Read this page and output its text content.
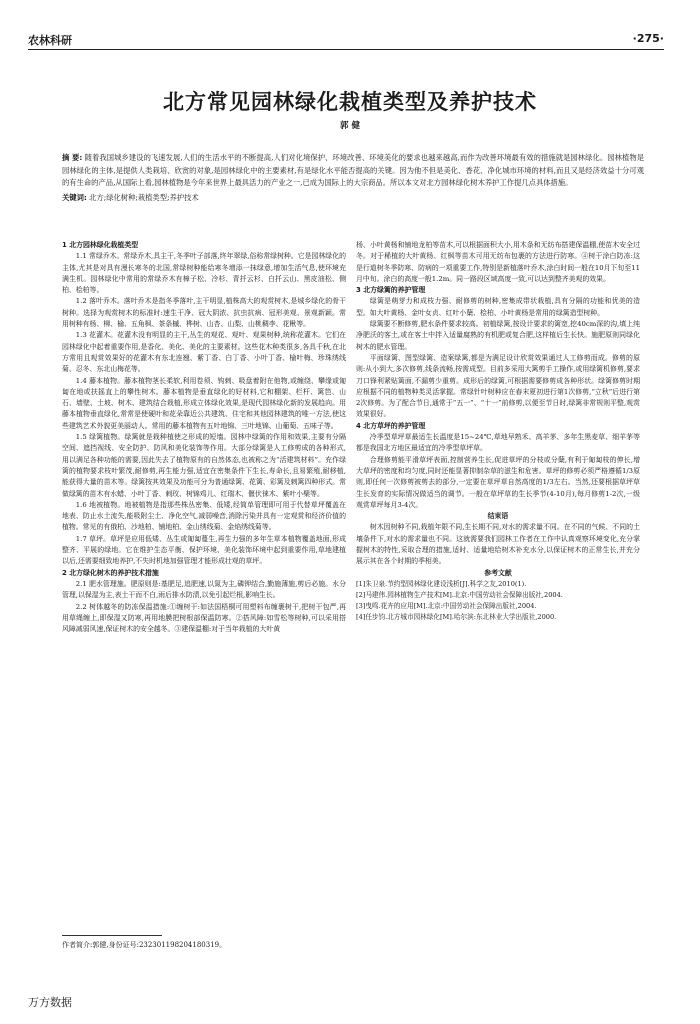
农林科研	·275·
北方常见园林绿化栽植类型及养护技术
郭 健
摘 要: 随着我国城乡建设的飞速发展,人们的生活水平的不断提高,人们对化境保护、环境改善、环境美化的要求也越来越高,而作为改善环境最有效的措施就是园林绿化。园林植物是园林绿化的主体,是提供人类栽培、欣赏的对象,是园林绿化中的主要素材,有是绿化水平能否提高的关键。因为他不但是美化、香花、净化城市环境的材料,而且又是经济效益十分可观的有生命的产品,从国际上看,园林植物是今年来世界上最具活力的产业之一,已成为国际上的大宗商品。所以本文对北方园林绿化树木养护工作提几点具体措施。
关键词: 北方;绿化树种;栽植类型;养护技术
1 北方园林绿化栽植类型

1.1 常绿乔木。常绿乔木,具主干,冬季叶子部落,终年翠绿,俗称常绿树种。它是园林绿化的主体,尤其是对具有漫长寒冬的北国,常绿树种能给寒冬增添一抹绿意,增加生活气息,使环境充满生机。园林绿化中常用的常绿乔木有樟子松、冷杉、青扦云杉、白扦云山、黑皮油松、侧柏、桧柏等。

1.2 落叶乔木。落叶乔木是指冬季落叶,主干明显,植株高大的观赏树木,是城乡绿化的骨干树种。选择为观赏树木的标准时:速生干净、冠大阴浓、抗虫抗病、冠形美观、景观新颖。常用树种有杨、柳、榆、五角枫、茶条槭、桦树、山杏、山梨、山桃稠李、花楸等。

1.3 花灌木。花灌木没有明显的主干,丛生的观花、观叶、观果树种,统称花灌木。它们在园林绿化中起着重要作用,是香化、美化、美化的主要素材。这些花木种类很多,各具千秋,在北方常用且观赏效果好的花灌木有东北连翘、紫丁香、白丁香、小叶丁香、榆叶梅、珍珠绣线菊、忍冬、东北山梅花等。

1.4 藤本植物。藤本植物茎长柔软,利用卷须、钩刺、吸盘着附在他物,或缠绕、攀缘或匍匐在地或扶摇直上的攀性树木。藤本植物是垂直绿化的好材料,它和棚架、栏杆、篱笆、山石、墙壁、土坡、树木、建筑结合栽植,形成立体绿化效果,是现代园林绿化新的发展趋向。用藤本植物垂直绿化,常常是使硬叶和花朵靠近公共建筑、住宅和其他园林建筑的唯一方法,使这些建筑艺术外貌更美丽动人。常用的藤本植物有五叶地锦、三叶地锦、山葡萄、五味子等。

1.5 绿篱植物。绿篱就是栽种植使之形成的短墙。园林中绿篱的作用和效果,主要有分隔空间、遮挡视线、安全防护、防风和美化装饰等作用。大部分绿篱是人工修剪成的各种形式,用以满足各种功能的需要,因此失去了植物原有的自然体态,也被称之为“活建筑材料”。充作绿篱的植物要求枝叶繁茂,耐修剪,再生能力强,适宜在密集条件下生长,寿命长,且易繁殖,耐移植,能获得大量的苗木等。绿篱按其效果及功能可分为普通绿篱、花篱、彩篱及刺篱四种形式。常做绿篱的苗木有水蜡、小叶丁香、刺玫、树锦鸡儿、红瑞木、偃伏徕木、紫叶小檗等。

1.6 地被植物。地被植物是指那些株丛密集、低矮,经简单管理即可用于代替草坪覆盖在地表、防止水土流失,能吸附尘土、净化空气,减弱噪音,消除污染并具有一定观赏和经济价值的植物。常见的有俄柏、沙地柏、铺地柏、金山绣线菊、金焰绣线菊等。

1.7 草坪。草坪是应用低矮、丛生或匍匐蔓生,再生力强的多年生草本植物覆盖地面,形成整齐、平展的绿地。它在维护生态平衡、保护环境、美化装饰环境中起到重要作用,草地建植以后,还需要细致地养护,不失时机地加强管理才能形成壮观的草坪。

2 北方绿化树木的养护技术措施

2.1 肥水管理施。肥原则是:基肥足,追肥速,以氮为主,磷钾结合,勤施薄施,剪后必施。水分管理,以保湿为主,表土干而不白,雨后排水防渍,以免引起烂根,影响生长。

2.2 树体越冬的防冻保温措施:①缠树干:如法国梧桐可用塑料布缠裹树干,把树干包严,再用草绳缠上,即保湿又防寒,再用地膜把树根部保温防寒。②搭风障:如雪松等树种,可以采用搭风障减弱风速,保证树木的安全越冬。③建保温棚:对于当年栽植的大叶黄

杨、小叶黄杨和铺地龙柏等苗木,可以根据面积大小,用木条和无纺布搭建保温棚,使苗木安全过冬。对于稀植的大叶黄杨、红枫等苗木可用无纺布包裹的方法进行防寒。④树干涂白防冻:这是行道树冬季防寒、防病的一项重要工作,特别是新植落叶乔木,涂白时间一般在10月下旬至11月中旬。涂白的高度一般1.2m。同一路段区域高度一致,可以达到整齐美观的效果。

3 北方绿篱的养护管理

绿篱是萌芽力和成枝力强、耐修剪的树种,密集成带状栽植,具有分隔的功能和优美的造型。如大叶黄杨、金叶女贞、红叶小蘖、桧柏、小叶黄杨是常用的绿篱造型树种。

绿篱要不断修剪,肥水条件要求较高。初植绿篱,按设计要求的篱宽,挖40cm深的沟,填上纯净肥沃的客土,或在客土中拌入适量腐熟的有机肥或复合肥,这样植后生长快。施肥原则同绿化树木的肥水管理。

平面绿篱、图型绿篱、造案绿篱,都是为满足设计欣赏效果通过人工修剪而成。修剪的原则:从小到大,多次修剪,线条流畅,按需成型。目前多采用大篱剪手工操作,或用绿篱机修剪,要求刀口锋利紧贴篱面,不漏剪少重剪。成形后的绿篱,可根据需要修剪成各种形状。绿篱修剪时期应根据不同的植物种类灵活掌握。常绿针叶树种应在春末夏初进行第1次修剪,“立秋”后进行第2次修剪。为了配合节日,通常于“五一”、“十一”前修剪,以便至节日时,绿篱非常规则平整,观赏效果很好。

4 北方草坪的养护管理

冷季型草坪草最适生长温度是15~24℃,草地早熟禾、高羊茅、多年生黑麦草、细羊茅等都是我国北方地区最适宜的冷季型草坪草。

合理修剪能平滑草坪表面,控制营养生长,促进草坪的分枝或分蘖,有利于匍匐枝的伸长,增大草坪的密度和均匀度,同时还能显著抑制杂草的滋生和危害。草坪的修剪必须严格遵循1/3原则,即任何一次修剪被剪去的部分,一定要在草坪草自然高度的1/3左右。当然,还要根据草坪草生长发育的实际情况做适当的调节。一般在草坪草的生长季节(4-10月),每月修剪1-2次,一级观赏草坪每月3-4次。

结束语

树木因树种不同,栽植年限不同,生长期不同,对水的需求量不同。在不同的气候、不同的土壤条件下,对水的需求量也不同。这就需要我们园林工作者在工作中认真观察环境变化,充分掌握树木的特性,采取合理的措施,适时、适量地给树木补充水分,以保证树木的正常生长,并充分展示其在各个时期的季相美。

参考文献

[1]朱卫泉.节约型园林绿化建设浅析[J].科学之友,2010(1).

[2]马建伟.园林植物生产技术[M].北京:中国劳动社会保障出版社,2004.

[3]曳鸣.花卉的应用[M].北京:中国劳动社会保障出版社,2004.

[4]任步钧.北方城市园林绿化[M].哈尔滨:东北林业大学出版社,2000.

作者简介:郭健,身份证号:232301198204180319。
万方数据
